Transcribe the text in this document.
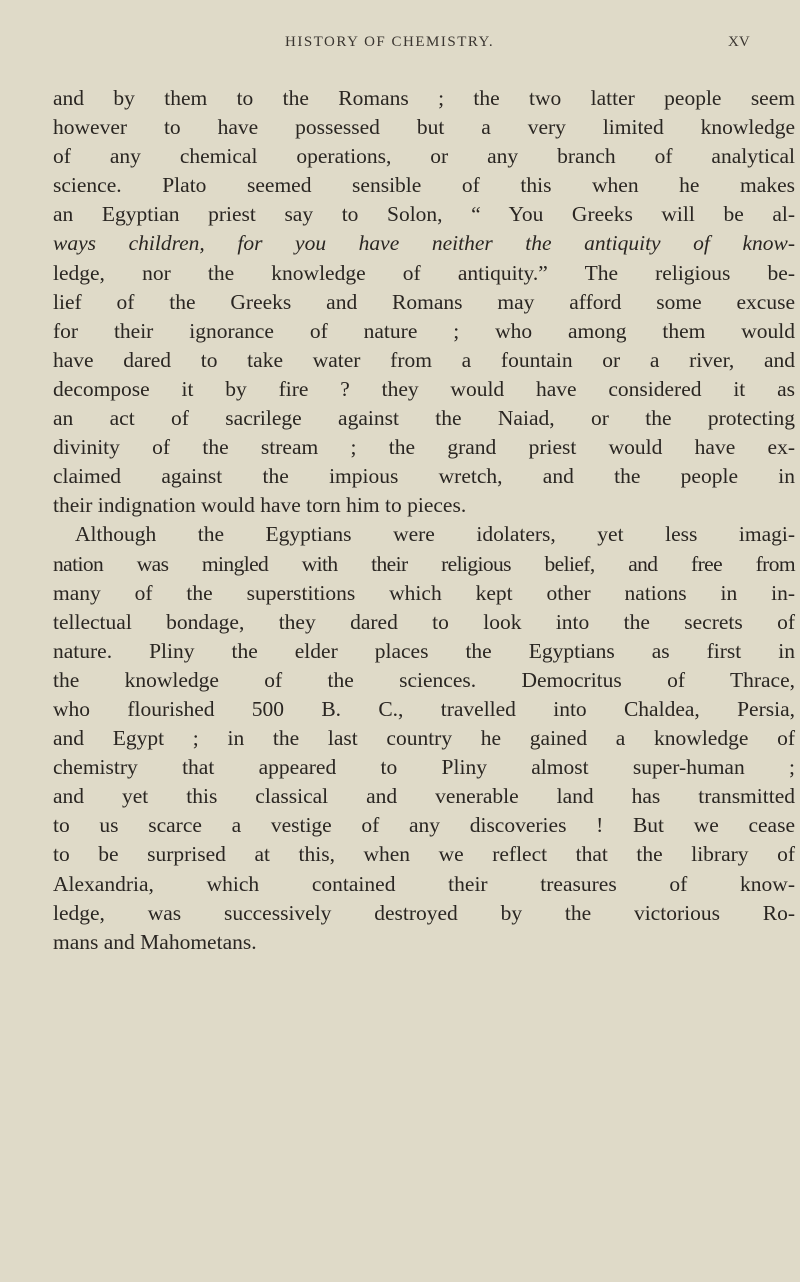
HISTORY OF CHEMISTRY.	XV
and by them to the Romans ; the two latter people seem
however to have possessed but a very limited knowledge
of any chemical operations, or any branch of analytical
science. Plato seemed sensible of this when he makes
an Egyptian priest say to Solon, “ You Greeks will be al-
ways children, for you have neither the antiquity of know-
ledge, nor the knowledge of antiquity.” The religious be-
lief of the Greeks and Romans may afford some excuse
for their ignorance of nature ; who among them would
have dared to take water from a fountain or a river, and
decompose it by fire ? they would have considered it as
an act of sacrilege against the Naiad, or the protecting
divinity of the stream ; the grand priest would have ex-
claimed against the impious wretch, and the people in
their indignation would have torn him to pieces.
Although the Egyptians were idolaters, yet less imagi-
nation was mingled with their religious belief, and free from
many of the superstitions which kept other nations in in-
tellectual bondage, they dared to look into the secrets of
nature. Pliny the elder places the Egyptians as first in
the knowledge of the sciences. Democritus of Thrace,
who flourished 500 B. C., travelled into Chaldea, Persia,
and Egypt ; in the last country he gained a knowledge of
chemistry that appeared to Pliny almost super-human ;
and yet this classical and venerable land has transmitted
to us scarce a vestige of any discoveries ! But we cease
to be surprised at this, when we reflect that the library of
Alexandria, which contained their treasures of know-
ledge, was successively destroyed by the victorious Ro-
mans and Mahometans.
